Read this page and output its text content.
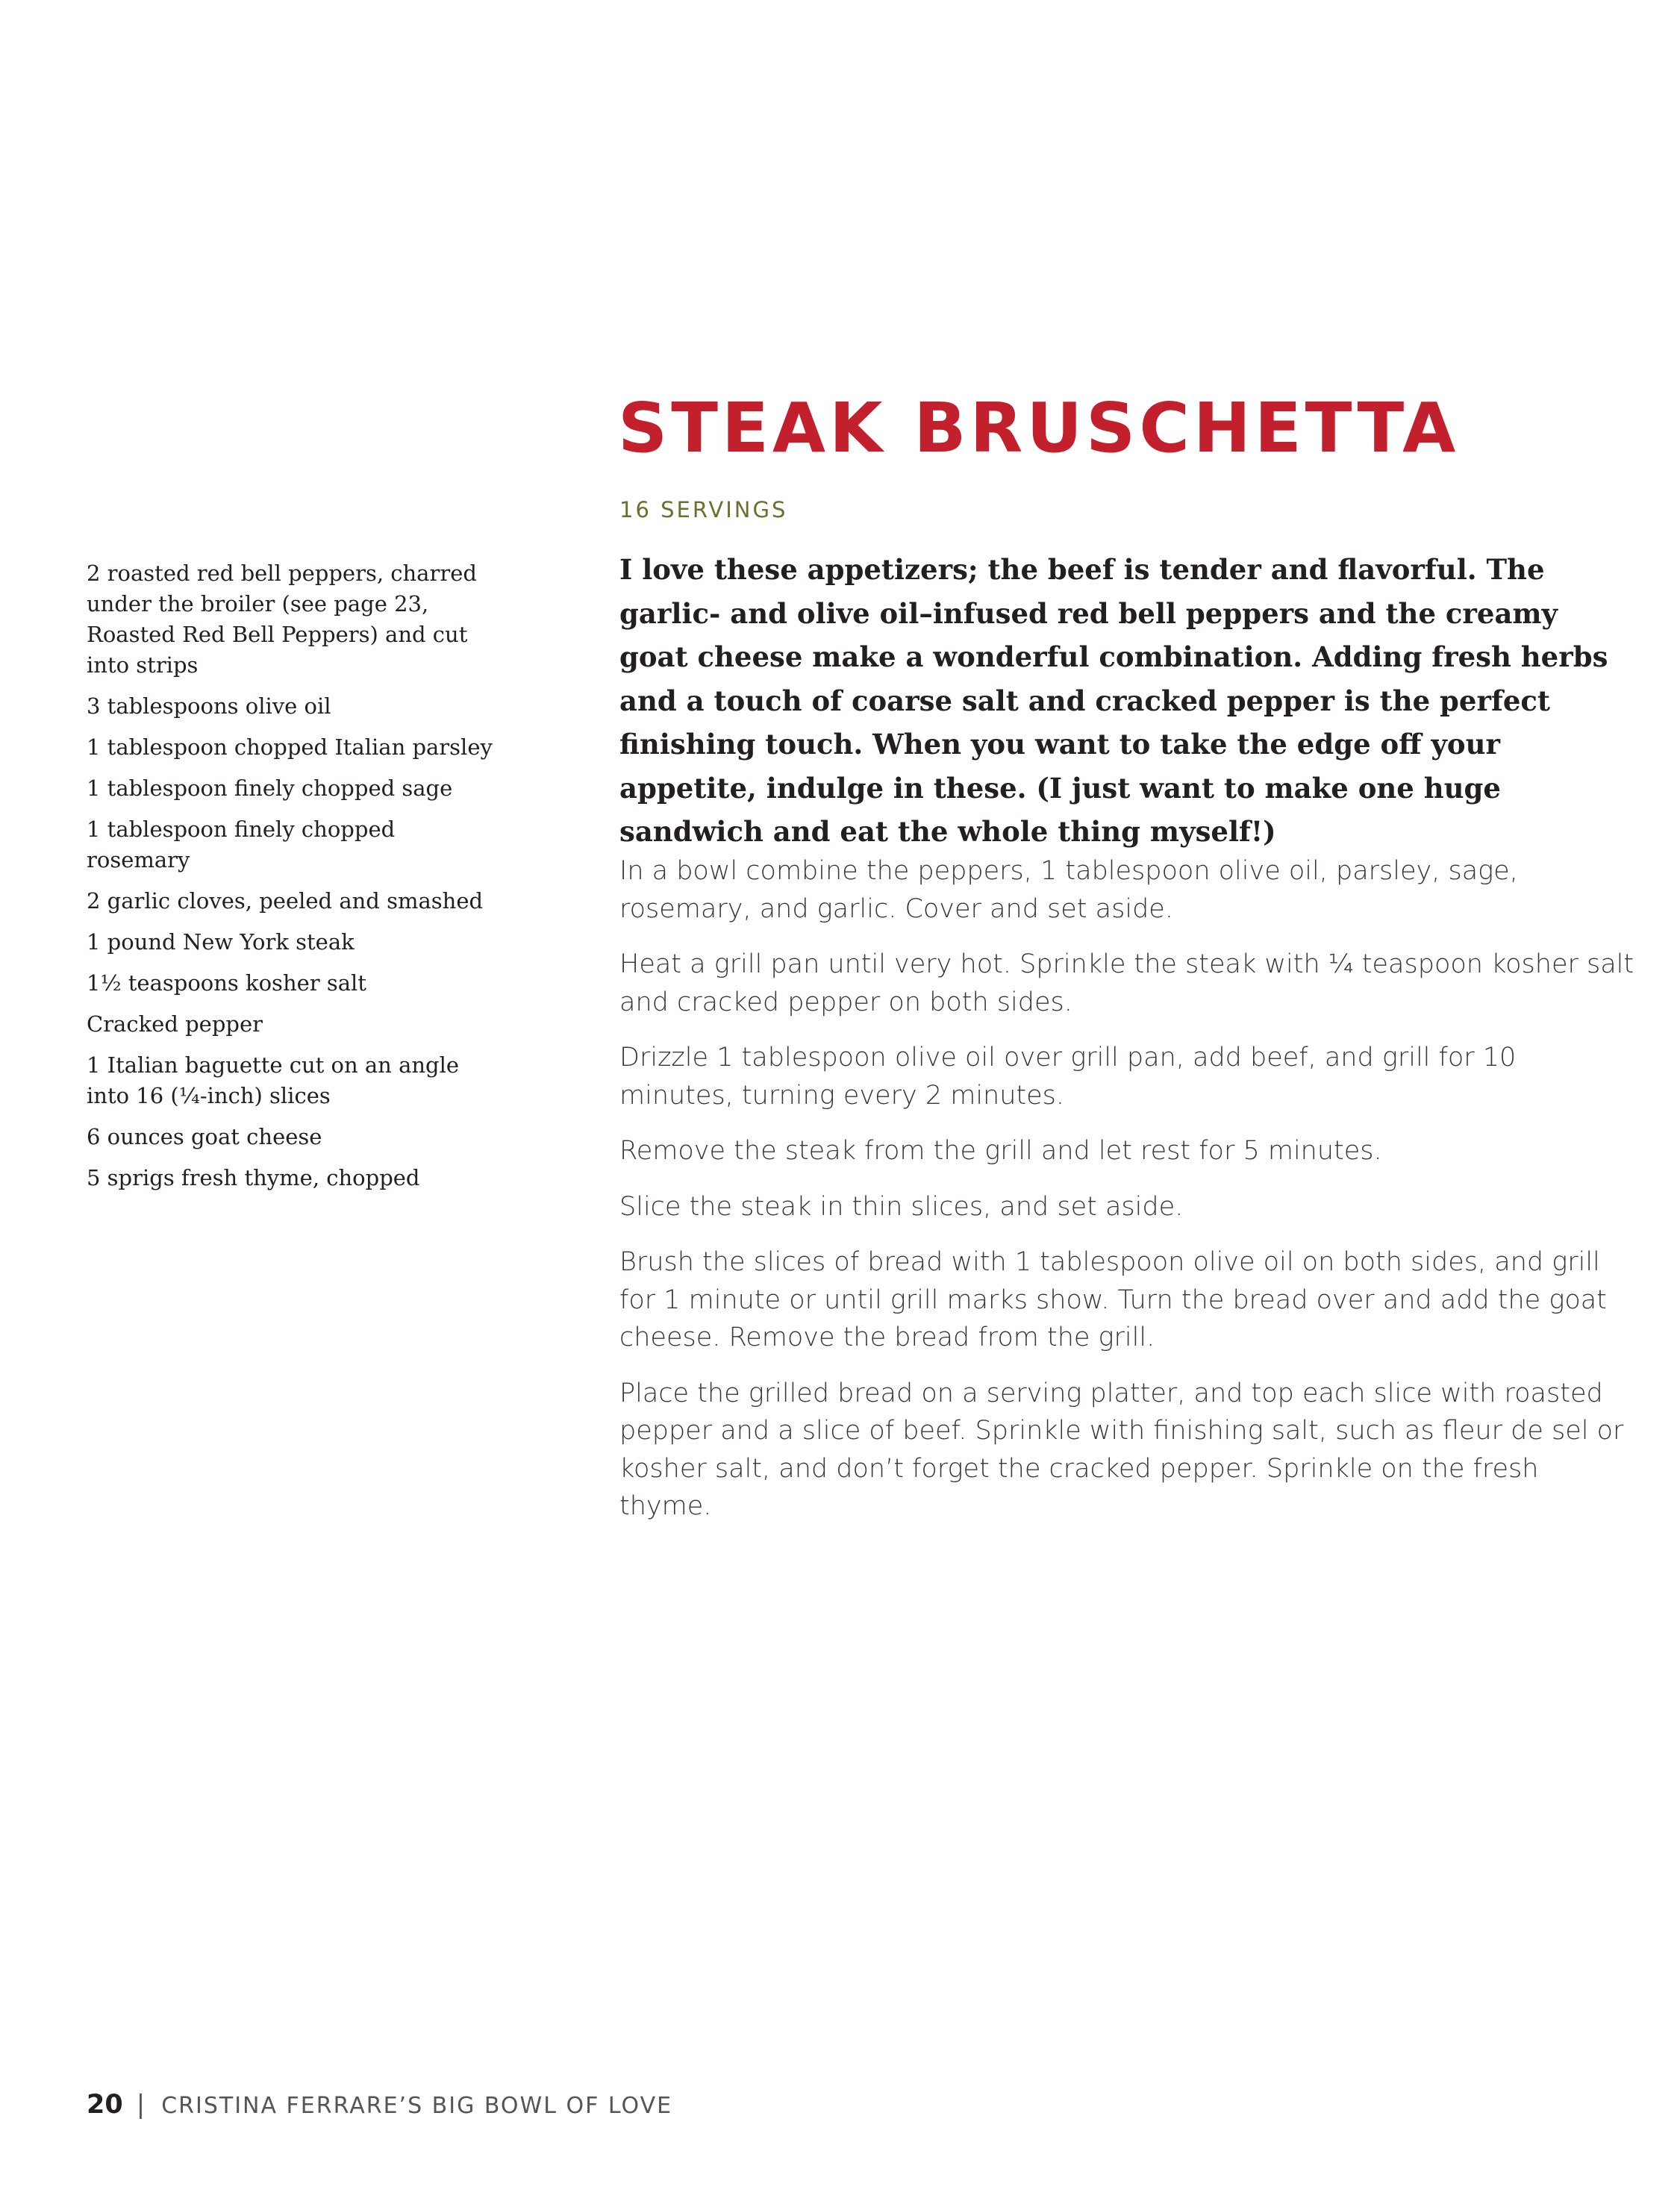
STEAK BRUSCHETTA
16 SERVINGS
2 roasted red bell peppers, charred under the broiler (see page 23, Roasted Red Bell Peppers) and cut into strips
3 tablespoons olive oil
1 tablespoon chopped Italian parsley
1 tablespoon finely chopped sage
1 tablespoon finely chopped rosemary
2 garlic cloves, peeled and smashed
1 pound New York steak
1½ teaspoons kosher salt
Cracked pepper
1 Italian baguette cut on an angle into 16 (¼-inch) slices
6 ounces goat cheese
5 sprigs fresh thyme, chopped

I love these appetizers; the beef is tender and flavorful. The garlic- and olive oil–infused red bell peppers and the creamy goat cheese make a wonderful combination. Adding fresh herbs and a touch of coarse salt and cracked pepper is the perfect finishing touch. When you want to take the edge off your appetite, indulge in these. (I just want to make one huge sandwich and eat the whole thing myself!)

In a bowl combine the peppers, 1 tablespoon olive oil, parsley, sage, rosemary, and garlic. Cover and set aside.

Heat a grill pan until very hot. Sprinkle the steak with ¼ teaspoon kosher salt and cracked pepper on both sides.

Drizzle 1 tablespoon olive oil over grill pan, add beef, and grill for 10 minutes, turning every 2 minutes.

Remove the steak from the grill and let rest for 5 minutes.

Slice the steak in thin slices, and set aside.

Brush the slices of bread with 1 tablespoon olive oil on both sides, and grill for 1 minute or until grill marks show. Turn the bread over and add the goat cheese. Remove the bread from the grill.

Place the grilled bread on a serving platter, and top each slice with roasted pepper and a slice of beef. Sprinkle with finishing salt, such as fleur de sel or kosher salt, and don’t forget the cracked pepper. Sprinkle on the fresh thyme.

20 | CRISTINA FERRARE’S BIG BOWL OF LOVE
